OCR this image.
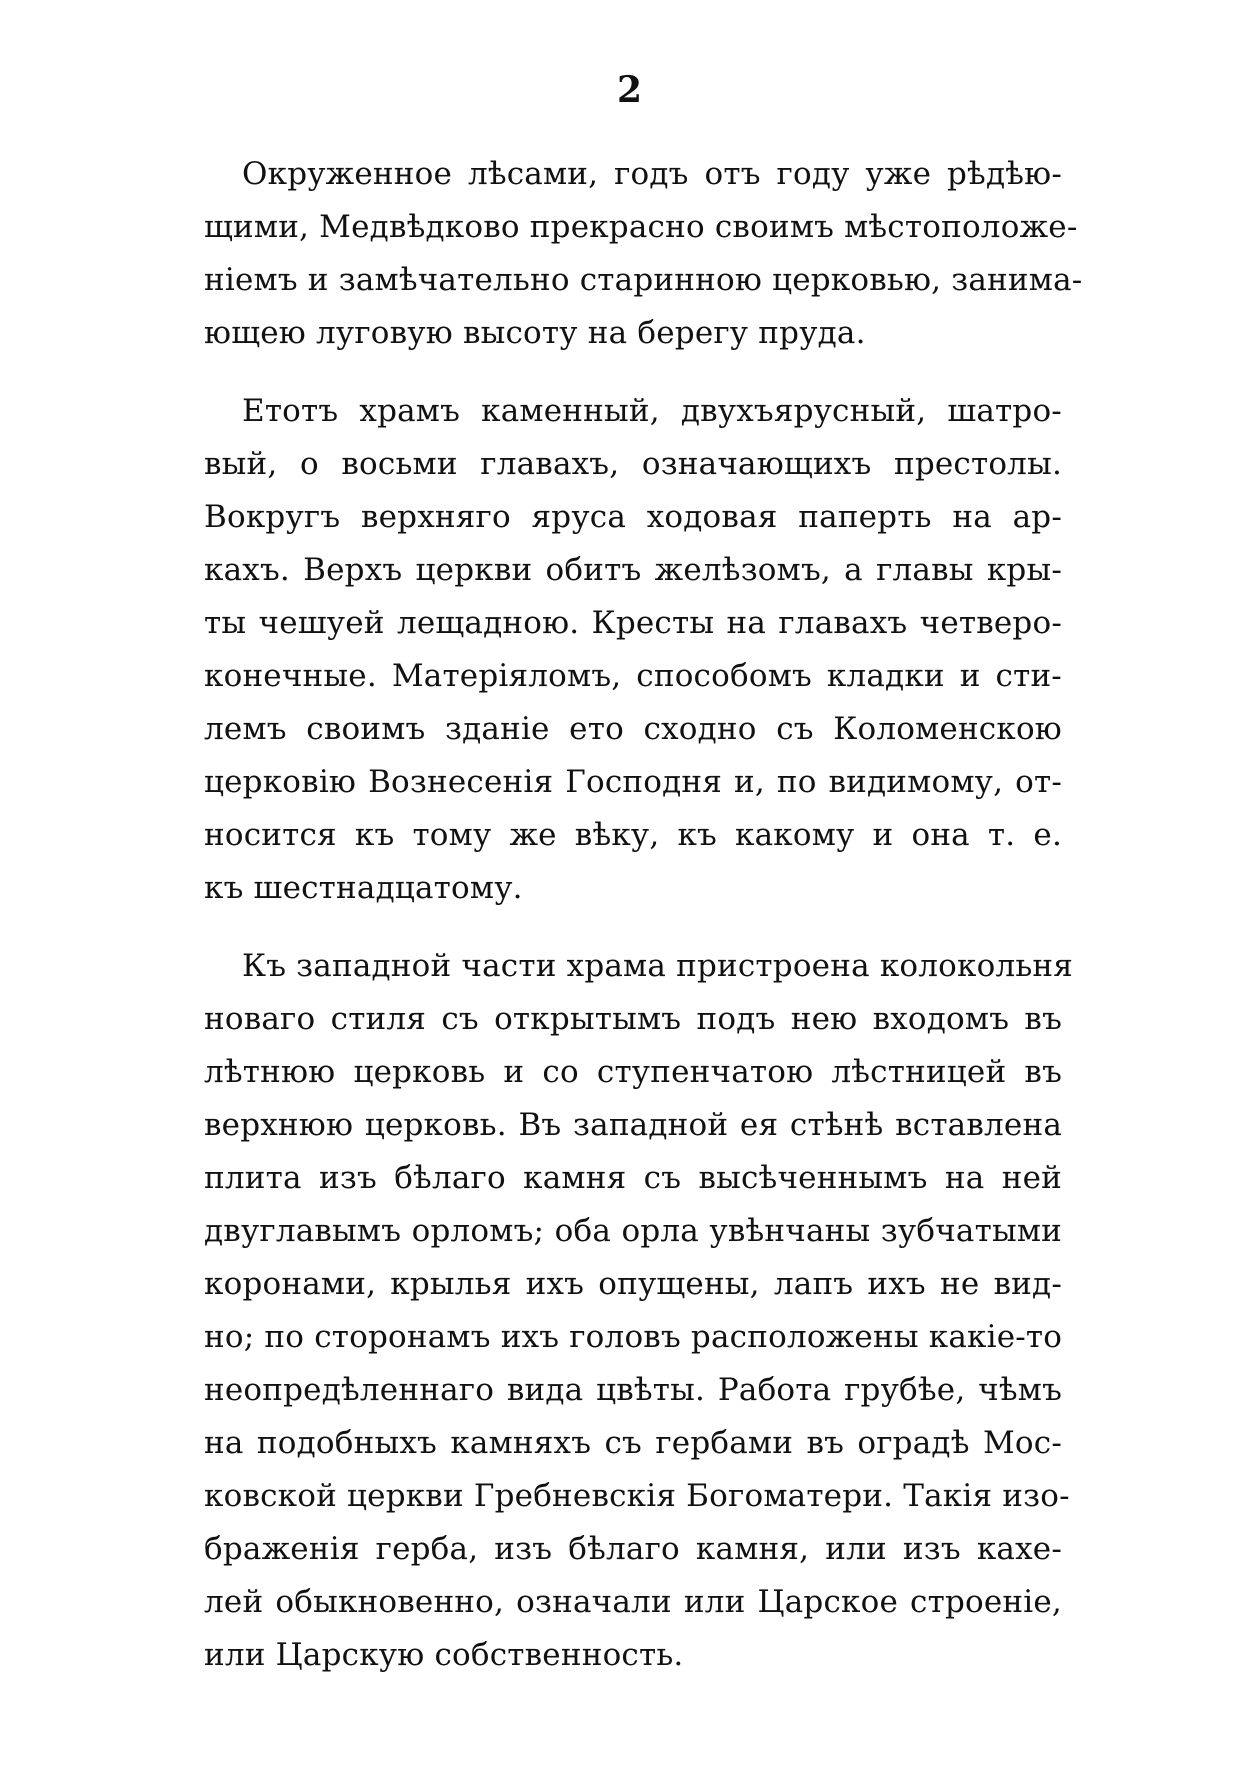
2
Окруженное лѣсами, годъ отъ году уже рѣдѣю-
щими, Медвѣдково прекрасно своимъ мѣстоположе-
ніемъ и замѣчательно старинною церковью, занима-
ющею луговую высоту на берегу пруда.
Етотъ храмъ каменный, двухъярусный, шатро-
вый, о восьми главахъ, означающихъ престолы.
Вокругъ верхняго яруса ходовая паперть на ар-
кахъ. Верхъ церкви обитъ желѣзомъ, а главы кры-
ты чешуей лещадною. Кресты на главахъ четверо-
конечные. Матеріяломъ, способомъ кладки и сти-
лемъ своимъ зданіе ето сходно съ Коломенскою
церковію Вознесенія Господня и, по видимому, от-
носится къ тому же вѣку, къ какому и она т. е.
къ шестнадцатому.
Къ западной части храма пристроена колокольня
новаго стиля съ открытымъ подъ нею входомъ въ
лѣтнюю церковь и со ступенчатою лѣстницей въ
верхнюю церковь. Въ западной ея стѣнѣ вставлена
плита изъ бѣлаго камня съ высѣченнымъ на ней
двуглавымъ орломъ; оба орла увѣнчаны зубчатыми
коронами, крылья ихъ опущены, лапъ ихъ не вид-
но; по сторонамъ ихъ головъ расположены какіе-то
неопредѣленнаго вида цвѣты. Работа грубѣе, чѣмъ
на подобныхъ камняхъ съ гербами въ оградѣ Мос-
ковской церкви Гребневскія Богоматери. Такія изо-
браженія герба, изъ бѣлаго камня, или изъ кахе-
лей обыкновенно, означали или Царское строеніе,
или Царскую собственность.
